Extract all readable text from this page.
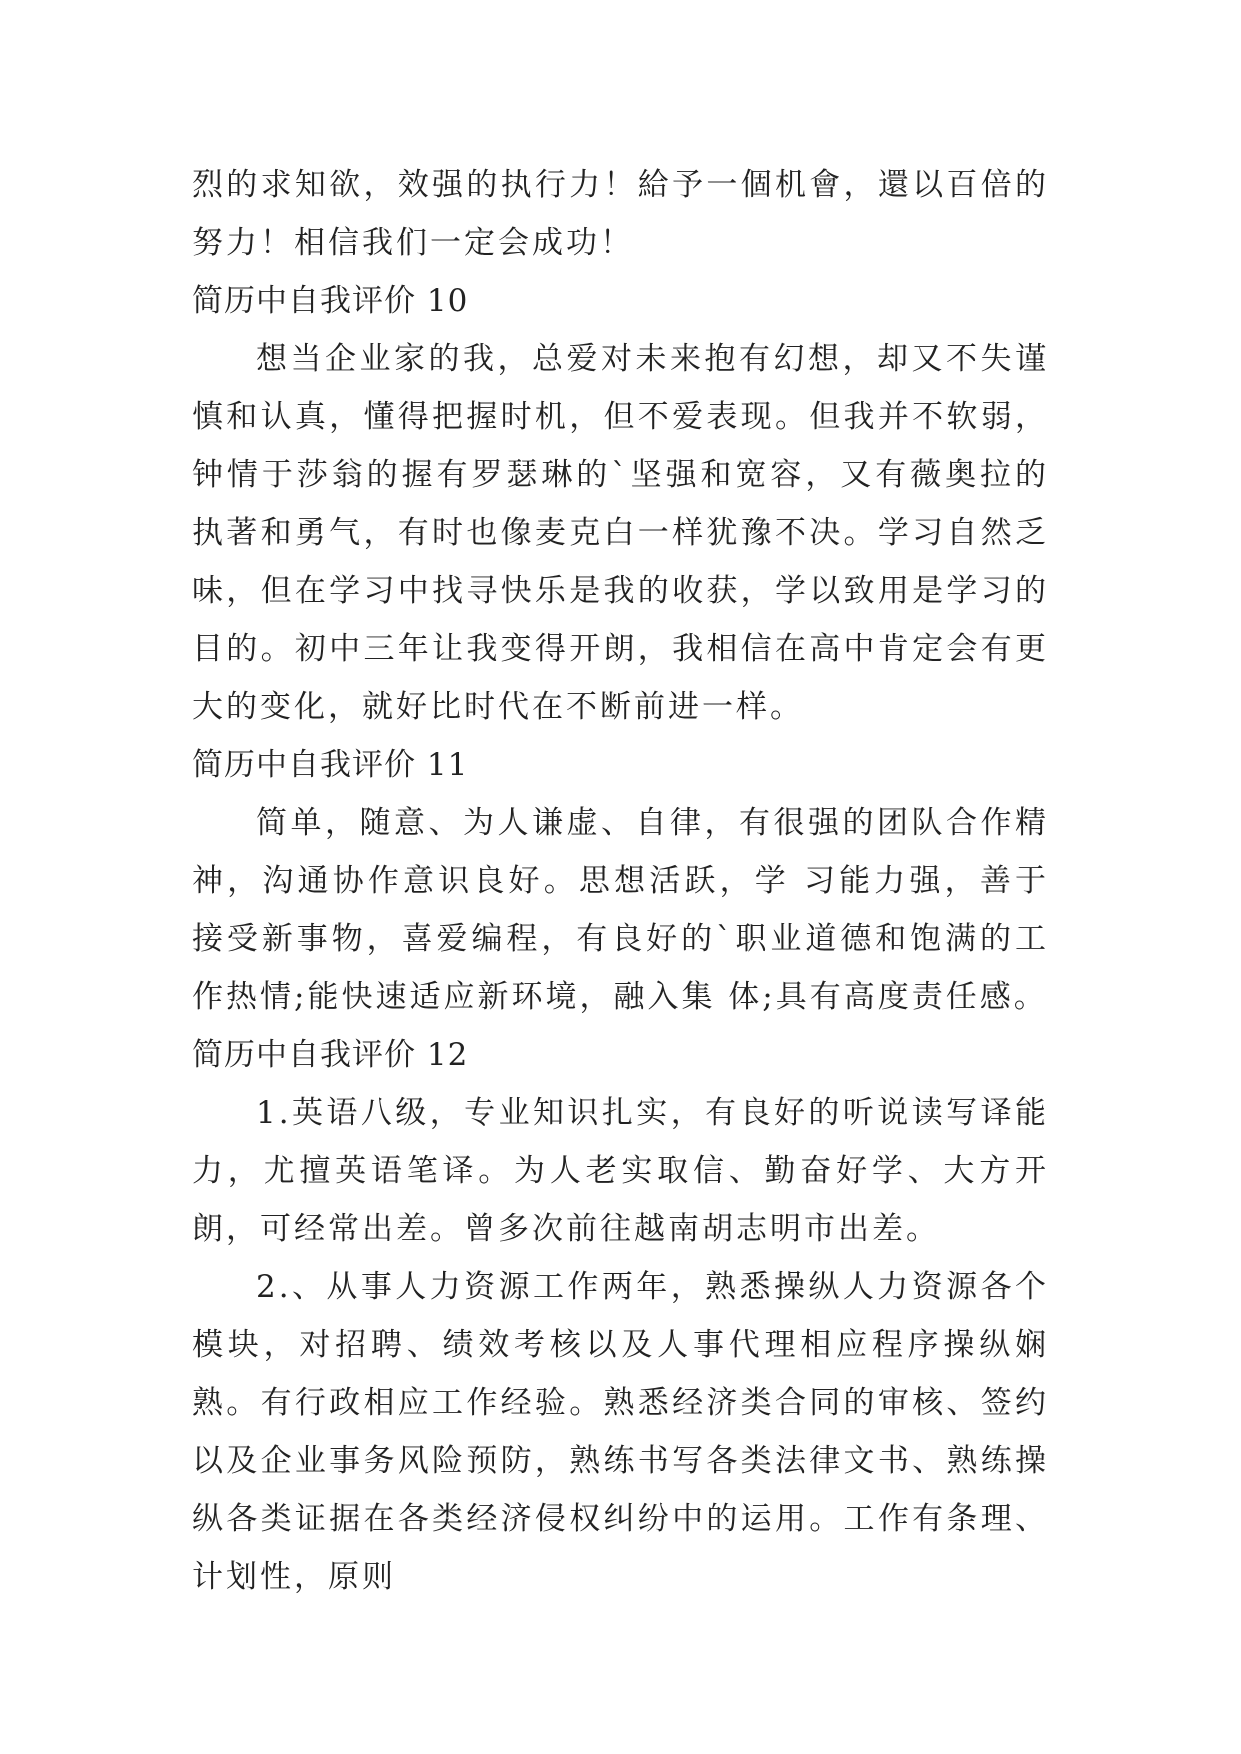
烈的求知欲，效强的执行力！給予一個机會，還以百倍的努力！相信我们一定会成功！

简历中自我评价 10

想当企业家的我，总爱对未来抱有幻想，却又不失谨慎和认真，懂得把握时机，但不爱表现。但我并不软弱，钟情于莎翁的握有罗瑟琳的`坚强和宽容，又有薇奥拉的执著和勇气，有时也像麦克白一样犹豫不决。学习自然乏味，但在学习中找寻快乐是我的收获，学以致用是学习的目的。初中三年让我变得开朗，我相信在高中肯定会有更大的变化，就好比时代在不断前进一样。

简历中自我评价 11

简单，随意、为人谦虚、自律，有很强的团队合作精神，沟通协作意识良好。思想活跃，学 习能力强，善于接受新事物，喜爱编程，有良好的`职业道德和饱满的工作热情;能快速适应新环境，融入集 体;具有高度责任感。

简历中自我评价 12

1.英语八级，专业知识扎实，有良好的听说读写译能力，尤擅英语笔译。为人老实取信、勤奋好学、大方开朗，可经常出差。曾多次前往越南胡志明市出差。

2.、从事人力资源工作两年，熟悉操纵人力资源各个模块，对招聘、绩效考核以及人事代理相应程序操纵娴熟。有行政相应工作经验。熟悉经济类合同的审核、签约以及企业事务风险预防，熟练书写各类法律文书、熟练操纵各类证据在各类经济侵权纠纷中的运用。工作有条理、计划性，原则
